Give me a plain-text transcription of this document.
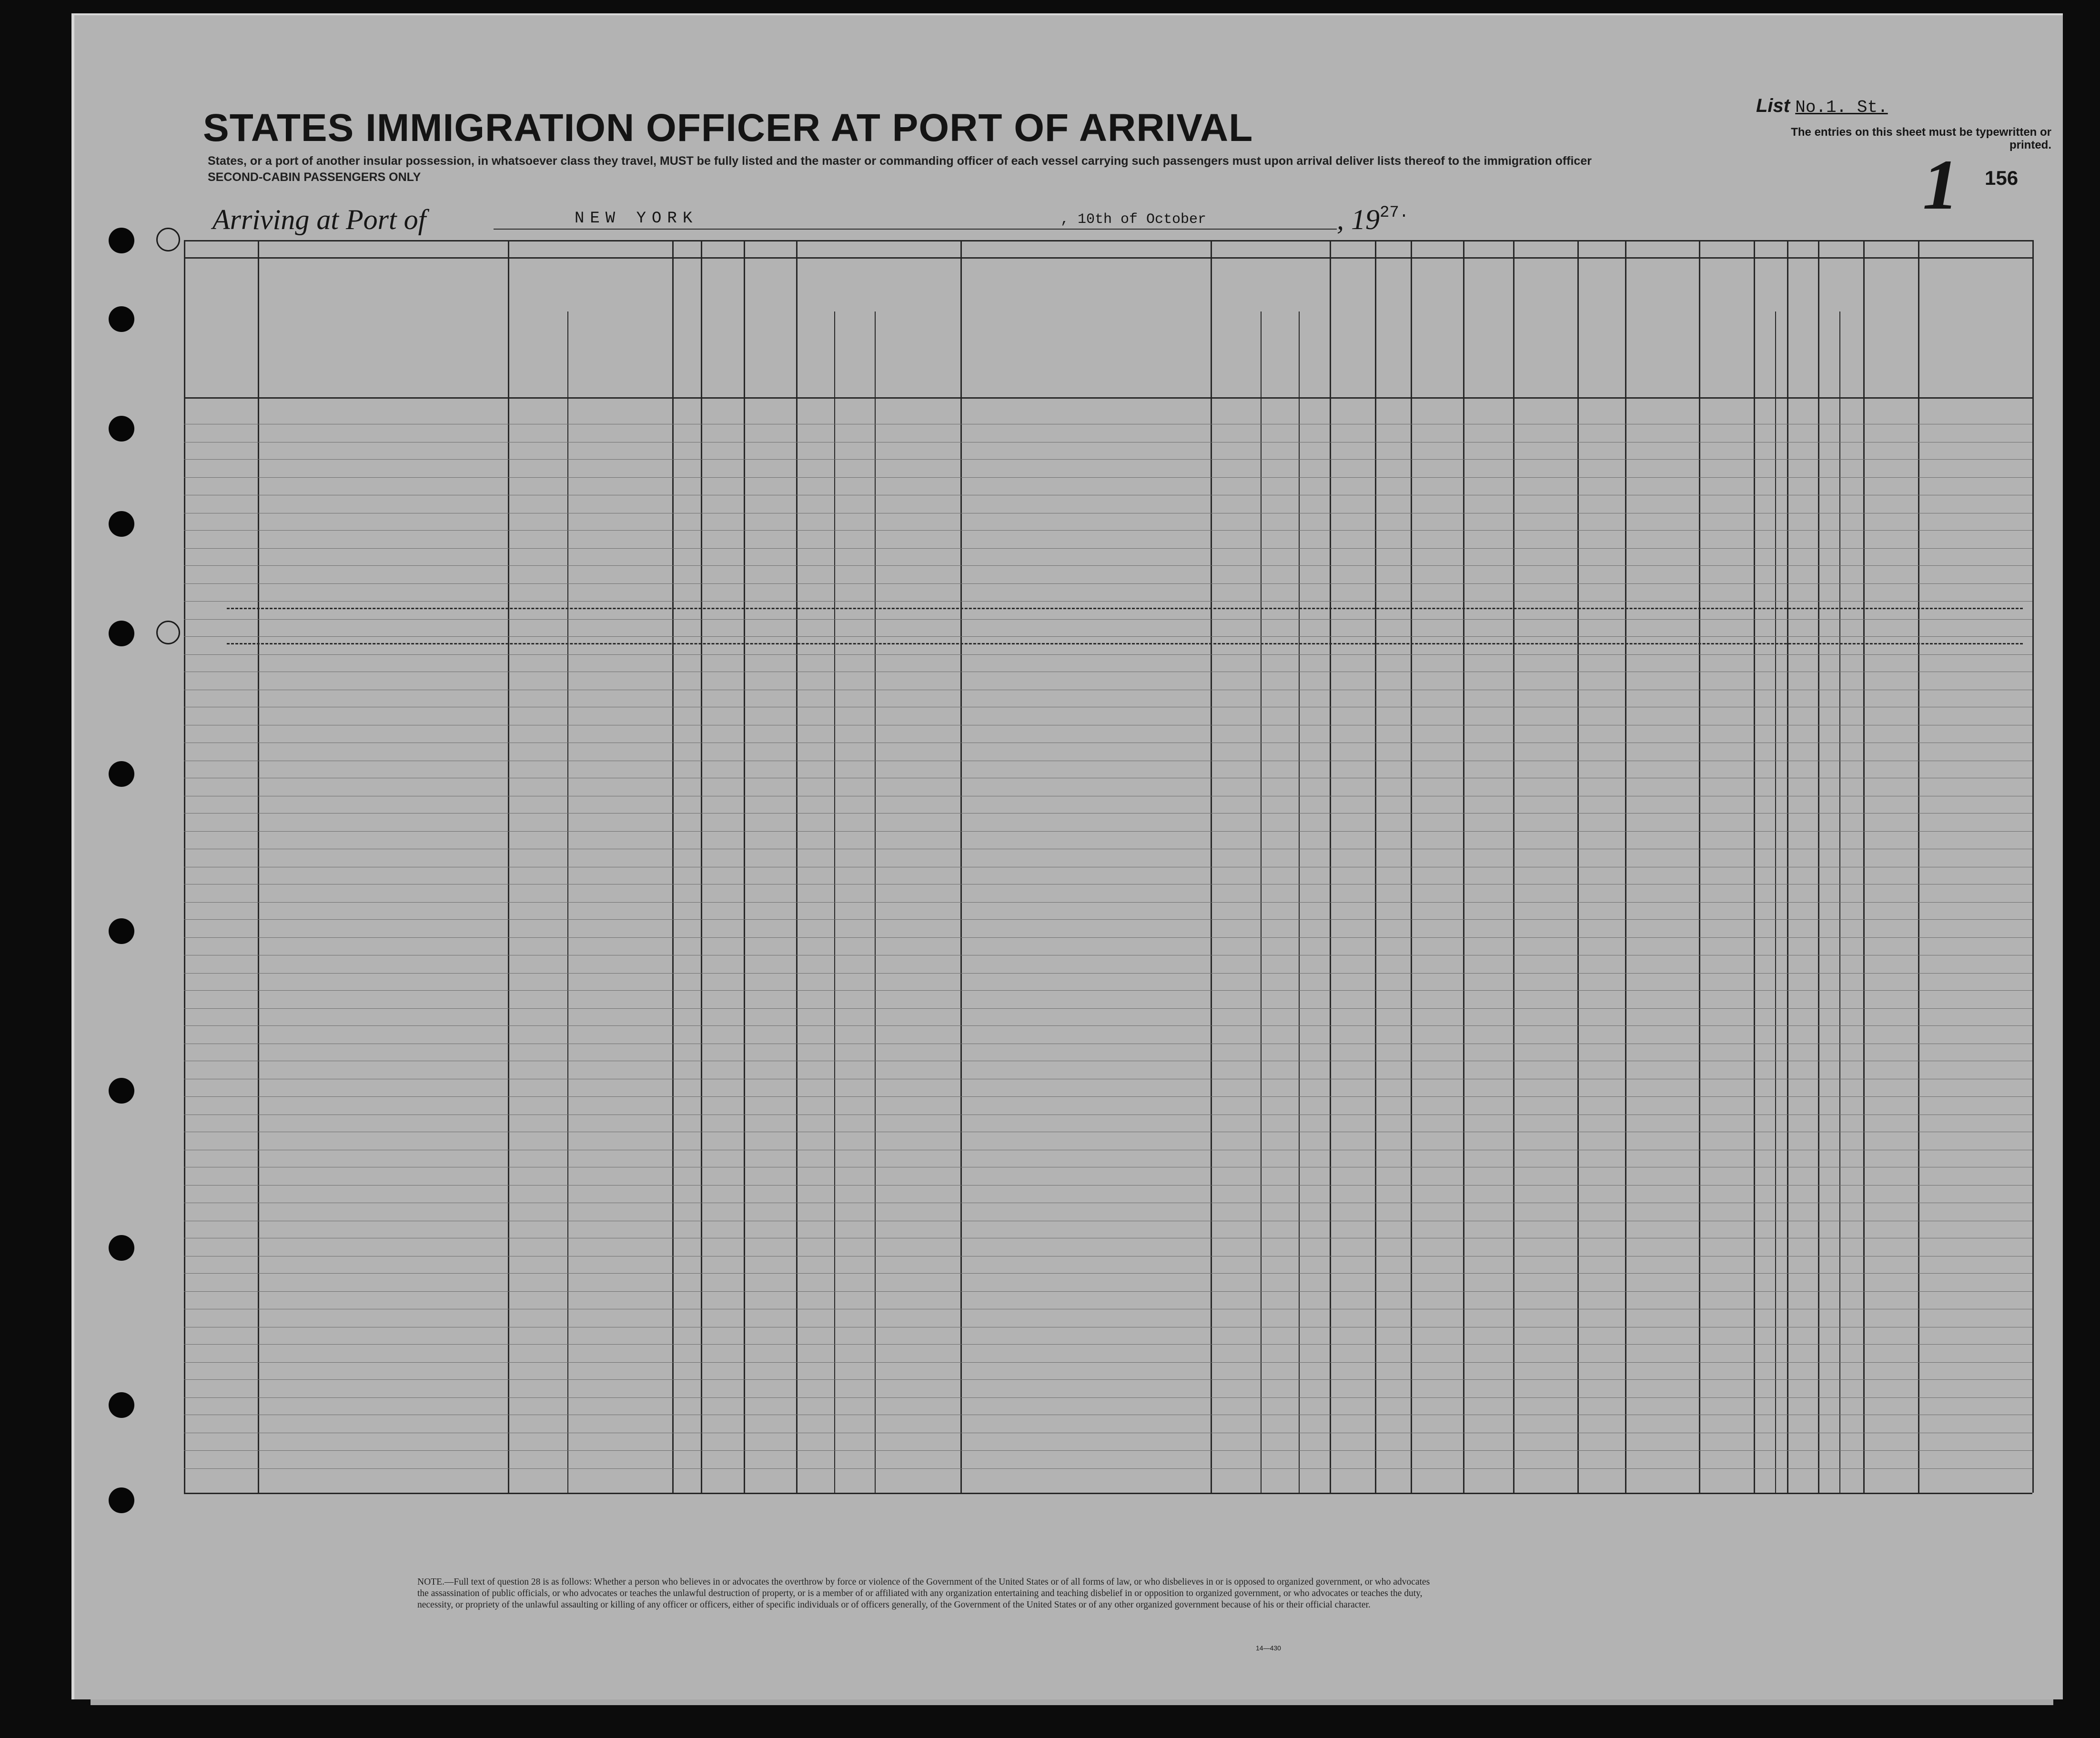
STATES IMMIGRATION OFFICER AT PORT OF ARRIVAL
States, or a port of another insular possession, in whatsoever class they travel, MUST be fully listed and the master or commanding officer of each vessel carrying such passengers must upon arrival deliver lists thereof to the immigration officer
SECOND-CABIN PASSENGERS ONLY
List No.1. St.
The entries on this sheet must be typewritten or printed.
1 156
Arriving at Port of	NEW YORK	, 10th of October	, $19^{27.}$
NOTE.—Full text of question 28 is as follows: Whether a person who believes in or advocates the overthrow by force or violence of the Government of the United States or of all forms of law, or who disbelieves in or is opposed to organized government, or who advocates the assassination of public officials, or who advocates or teaches the unlawful destruction of property, or is a member of or affiliated with any organization entertaining and teaching disbelief in or opposition to organized government, or who advocates or teaches the duty, necessity, or propriety of the unlawful assaulting or killing of any officer or officers, either of specific individuals or of officers generally, of the Government of the United States or of any other organized government because of his or their official character.
14—430
